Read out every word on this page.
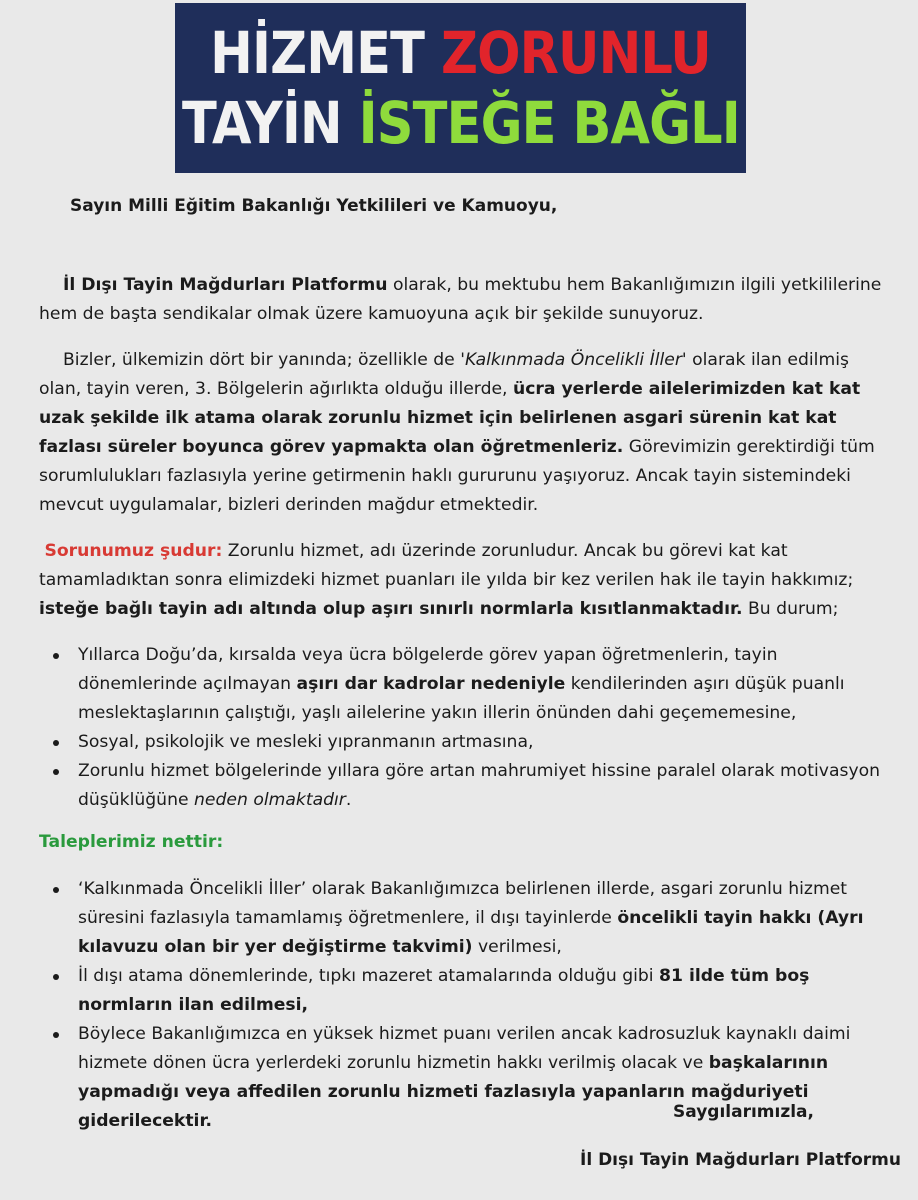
HİZMET ZORUNLU
TAYİN İSTEĞE BAĞLI
Sayın Milli Eğitim Bakanlığı Yetkilileri ve Kamuoyu,

İl Dışı Tayin Mağdurları Platformu olarak, bu mektubu hem Bakanlığımızın ilgili yetkililerine hem de başta sendikalar olmak üzere kamuoyuna açık bir şekilde sunuyoruz.

Bizler, ülkemizin dört bir yanında; özellikle de 'Kalkınmada Öncelikli İller' olarak ilan edilmiş olan, tayin veren, 3. Bölgelerin ağırlıkta olduğu illerde, ücra yerlerde ailelerimizden kat kat uzak şekilde ilk atama olarak zorunlu hizmet için belirlenen asgari sürenin kat kat fazlası süreler boyunca görev yapmakta olan öğretmenleriz. Görevimizin gerektirdiği tüm sorumlulukları fazlasıyla yerine getirmenin haklı gururunu yaşıyoruz. Ancak tayin sistemindeki mevcut uygulamalar, bizleri derinden mağdur etmektedir.

Sorunumuz şudur: Zorunlu hizmet, adı üzerinde zorunludur. Ancak bu görevi kat kat tamamladıktan sonra elimizdeki hizmet puanları ile yılda bir kez verilen hak ile tayin hakkımız; isteğe bağlı tayin adı altında olup aşırı sınırlı normlarla kısıtlanmaktadır. Bu durum;

Yıllarca Doğu’da, kırsalda veya ücra bölgelerde görev yapan öğretmenlerin, tayin dönemlerinde açılmayan aşırı dar kadrolar nedeniyle kendilerinden aşırı düşük puanlı meslektaşlarının çalıştığı, yaşlı ailelerine yakın illerin önünden dahi geçememesine,
Sosyal, psikolojik ve mesleki yıpranmanın artmasına,
Zorunlu hizmet bölgelerinde yıllara göre artan mahrumiyet hissine paralel olarak motivasyon düşüklüğüne neden olmaktadır.

Taleplerimiz nettir:

‘Kalkınmada Öncelikli İller’ olarak Bakanlığımızca belirlenen illerde, asgari zorunlu hizmet süresini fazlasıyla tamamlamış öğretmenlere, il dışı tayinlerde öncelikli tayin hakkı (Ayrı kılavuzu olan bir yer değiştirme takvimi) verilmesi,
İl dışı atama dönemlerinde, tıpkı mazeret atamalarında olduğu gibi 81 ilde tüm boş normların ilan edilmesi,
Böylece Bakanlığımızca en yüksek hizmet puanı verilen ancak kadrosuzluk kaynaklı daimi hizmete dönen ücra yerlerdeki zorunlu hizmetin hakkı verilmiş olacak ve başkalarının yapmadığı veya affedilen zorunlu hizmeti fazlasıyla yapanların mağduriyeti giderilecektir.	Saygılarımızla,
İl Dışı Tayin Mağdurları Platformu
